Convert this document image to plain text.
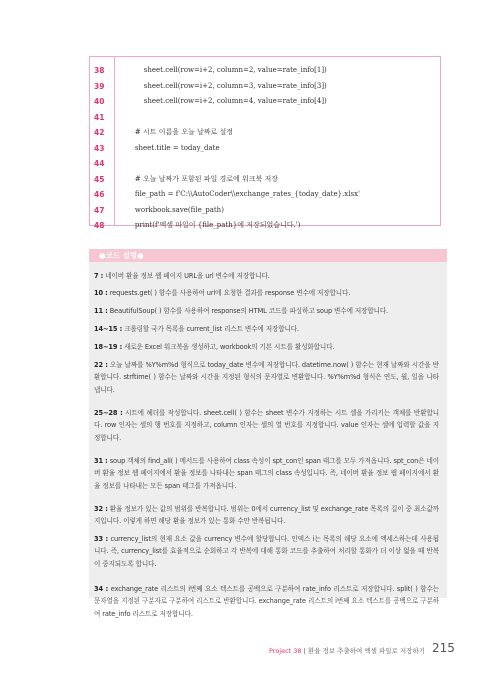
38	sheet.cell(row=i+2, column=2, value=rate_info[1])
39	sheet.cell(row=i+2, column=3, value=rate_info[3])
40	sheet.cell(row=i+2, column=4, value=rate_info[4])
41
42	# 시트 이름을 오늘 날짜로 설정
43	sheet.title = today_date
44
45	# 오늘 날짜가 포함된 파일 경로에 워크북 저장
46	file_path = f'C:\\AutoCoder\\exchange_rates_{today_date}.xlsx'
47	workbook.save(file_path)
48	print(f'엑셀 파일이 {file_path}에 저장되었습니다.')
●코드 설명●
7 : 네이버 환율 정보 웹 페이지 URL을 url 변수에 저장합니다.
10 : requests.get( ) 함수를 사용하여 url에 요청한 결과를 response 변수에 저장합니다.
11 : BeautifulSoup( ) 함수를 사용하여 response의 HTML 코드를 파싱하고 soup 변수에 저장합니다.
14~15 : 크롤링할 국가 목록을 current_list 리스트 변수에 저장합니다.
18~19 : 새로운 Excel 워크북을 생성하고, workbook의 기본 시트를 활성화합니다.
22 : 오늘 날짜를 %Y%m%d 형식으로 today_date 변수에 저장합니다. datetime.now( ) 함수는 현재 날짜와 시간을 반환합니다. strftime( ) 함수는 날짜와 시간을 지정된 형식의 문자열로 변환합니다. %Y%m%d 형식은 연도, 월, 일을 나타냅니다.
25~28 : 시트에 헤더를 작성합니다. sheet.cell( ) 함수는 sheet 변수가 지정하는 시트 셀을 가리키는 객체를 반환합니다. row 인자는 셀의 행 번호를 지정하고, column 인자는 셀의 열 번호를 지정합니다. value 인자는 셀에 입력할 값을 지정합니다.
31 : soup 객체의 find_all( ) 메서드를 사용하여 class 속성이 spt_con인 span 태그를 모두 가져옵니다. spt_con은 네이버 환율 정보 웹 페이지에서 환율 정보를 나타내는 span 태그의 class 속성입니다. 즉, 네이버 환율 정보 웹 페이지에서 환율 정보를 나타내는 모든 span 태그를 가져옵니다.
32 : 환율 정보가 있는 값의 범위를 반복합니다. 범위는 0에서 currency_list 및 exchange_rate 목록의 길이 중 최소값까지입니다. 이렇게 하면 해당 환율 정보가 있는 통화 수만 반복됩니다.
33 : currency_list의 현재 요소 값을 currency 변수에 할당합니다. 인덱스 i는 목록의 해당 요소에 액세스하는데 사용됩니다. 즉, currency_list를 효율적으로 순회하고 각 반복에 대해 통화 코드를 추출하여 처리할 통화가 더 이상 없을 때 반복이 중지되도록 합니다.
34 : exchange_rate 리스트의 i번째 요소 텍스트를 공백으로 구분하여 rate_info 리스트로 저장합니다. split( ) 함수는 문자열을 지정된 구분자로 구분하여 리스트로 반환합니다. exchange_rate 리스트의 i번째 요소 텍스트를 공백으로 구분하여 rate_info 리스트로 저장합니다.
Project 38 | 환율 정보 추출하여 엑셀 파일로 저장하기 215
